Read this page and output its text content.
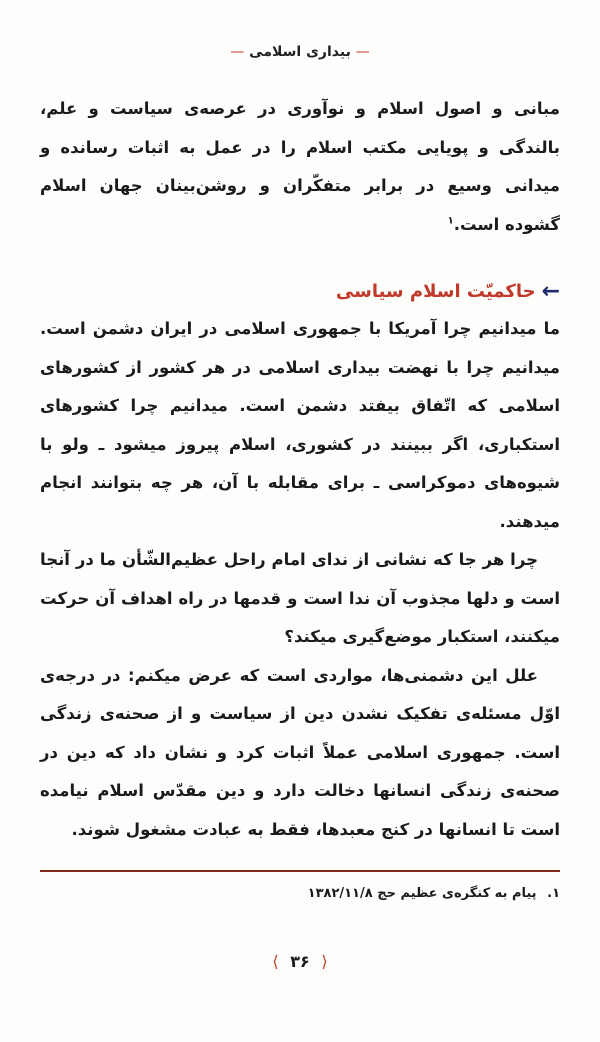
— بیداری اسلامی —

مبانی و اصول اسلام و نوآوری در عرصه‌ی سیاست و علم، بالندگی و پویایی مکتب اسلام را در عمل به اثبات رسانده و میدانی وسیع در برابر متفکّران و روشن‌بینان جهان اسلام گشوده است.$^۱$

←
حاکمیّت اسلام سیاسی

ما میدانیم چرا آمریکا با جمهوری اسلامی در ایران دشمن است. میدانیم چرا با نهضت بیداری اسلامی در هر کشور از کشورهای اسلامی که اتّفاق بیفتد دشمن است. میدانیم چرا کشورهای استکباری، اگر ببینند در کشوری، اسلام پیروز میشود ـ ولو با شیوه‌های دموکراسی ـ برای مقابله با آن، هر چه بتوانند انجام میدهند.

چرا هر جا که نشانی از ندای امام راحل عظیم‌الشّأن ما در آنجا است و دلها مجذوب آن ندا است و قدمها در راه اهداف آن حرکت میکنند، استکبار موضع‌گیری میکند؟

علل این دشمنی‌ها، مواردی است که عرض میکنم: در درجه‌ی اوّل مسئله‌ی تفکیک نشدن دین از سیاست و از صحنه‌ی زندگی است. جمهوری اسلامی عملاً اثبات کرد و نشان داد که دین در صحنه‌ی زندگی انسانها دخالت دارد و دین مقدّس اسلام نیامده است تا انسانها در کنج معبدها، فقط به عبادت مشغول شوند.

۱. پیام به کنگره‌ی عظیم حج ۱۳۸۲/۱۱/۸
⟨ ۳۶ ⟩
